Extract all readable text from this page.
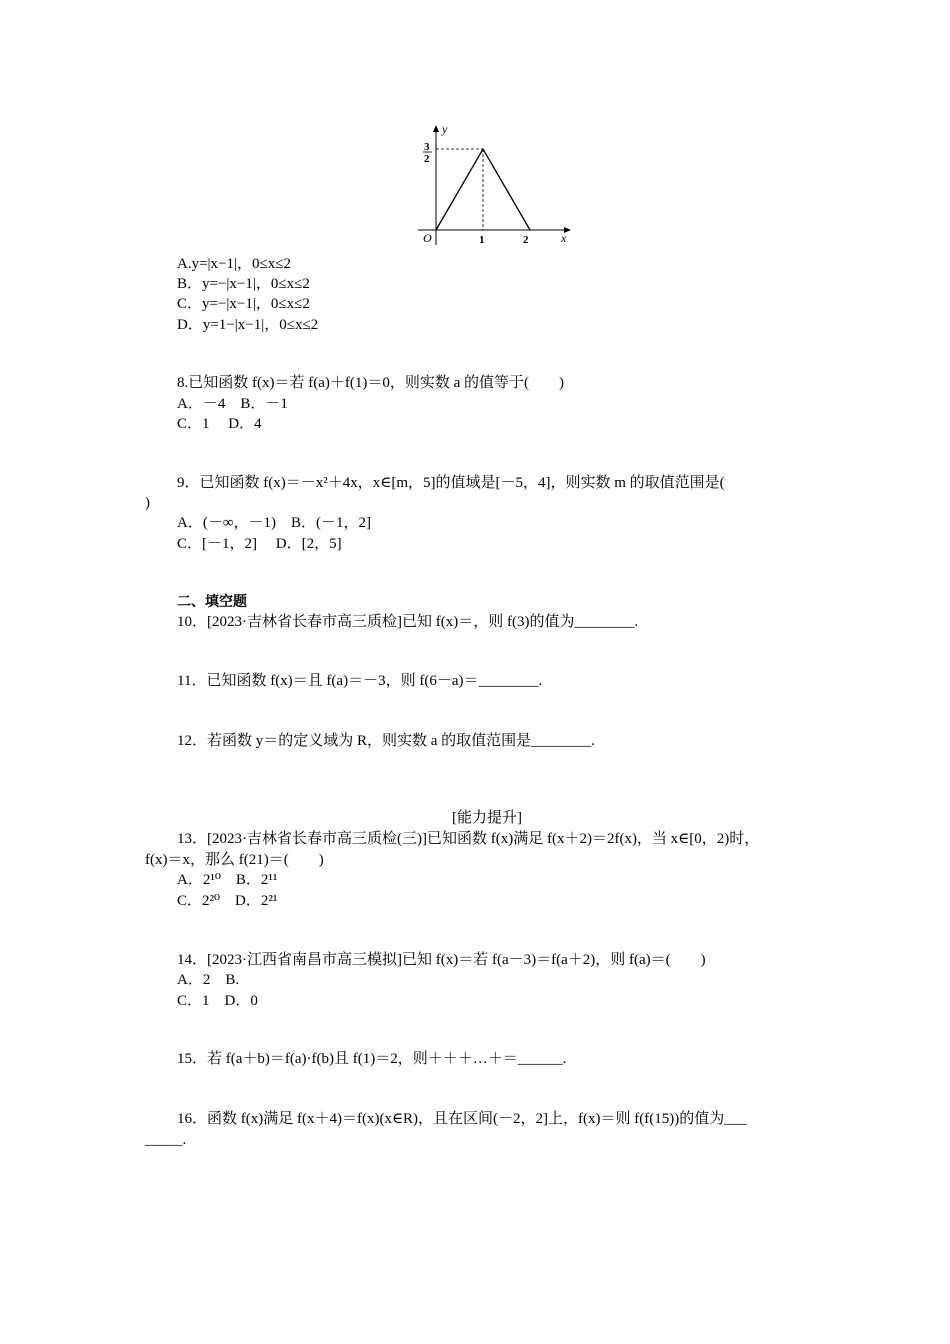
y
x
O
3
2
1	2
A.y=|x−1|，0≤x≤2
B．y=−|x−1|，0≤x≤2
C．y=−|x−1|，0≤x≤2
D．y=1−|x−1|，0≤x≤2
8.已知函数 f(x)＝若 f(a)＋f(1)＝0，则实数 a 的值等于(　　)
A．－4　B．－1
C．1　 D．4
9．已知函数 f(x)＝－x²＋4x，x∈[m，5]的值域是[－5，4]，则实数 m 的取值范围是(
)
A．(－∞，－1)　B．(－1，2]
C．[－1，2]　 D．[2，5]
二、填空题
10．[2023·吉林省长春市高三质检]已知 f(x)＝，则 f(3)的值为________.
11．已知函数 f(x)＝且 f(a)＝－3，则 f(6－a)＝________.
12．若函数 y＝的定义域为 R，则实数 a 的取值范围是________.
[能力提升]
13．[2023·吉林省长春市高三质检(三)]已知函数 f(x)满足 f(x＋2)＝2f(x)，当 x∈[0，2)时，
f(x)＝x，那么 f(21)＝(　　)
A．2¹⁰　B．2¹¹
C．2²⁰　D．2²¹
14．[2023·江西省南昌市高三模拟]已知 f(x)＝若 f(a－3)＝f(a＋2)，则 f(a)＝(　　)
A．2　B.
C．1　D．0
15．若 f(a＋b)＝f(a)·f(b)且 f(1)＝2，则＋＋＋…＋＝______.
16．函数 f(x)满足 f(x＋4)＝f(x)(x∈R)，且在区间(－2，2]上，f(x)＝则 f(f(15))的值为___
_____.
